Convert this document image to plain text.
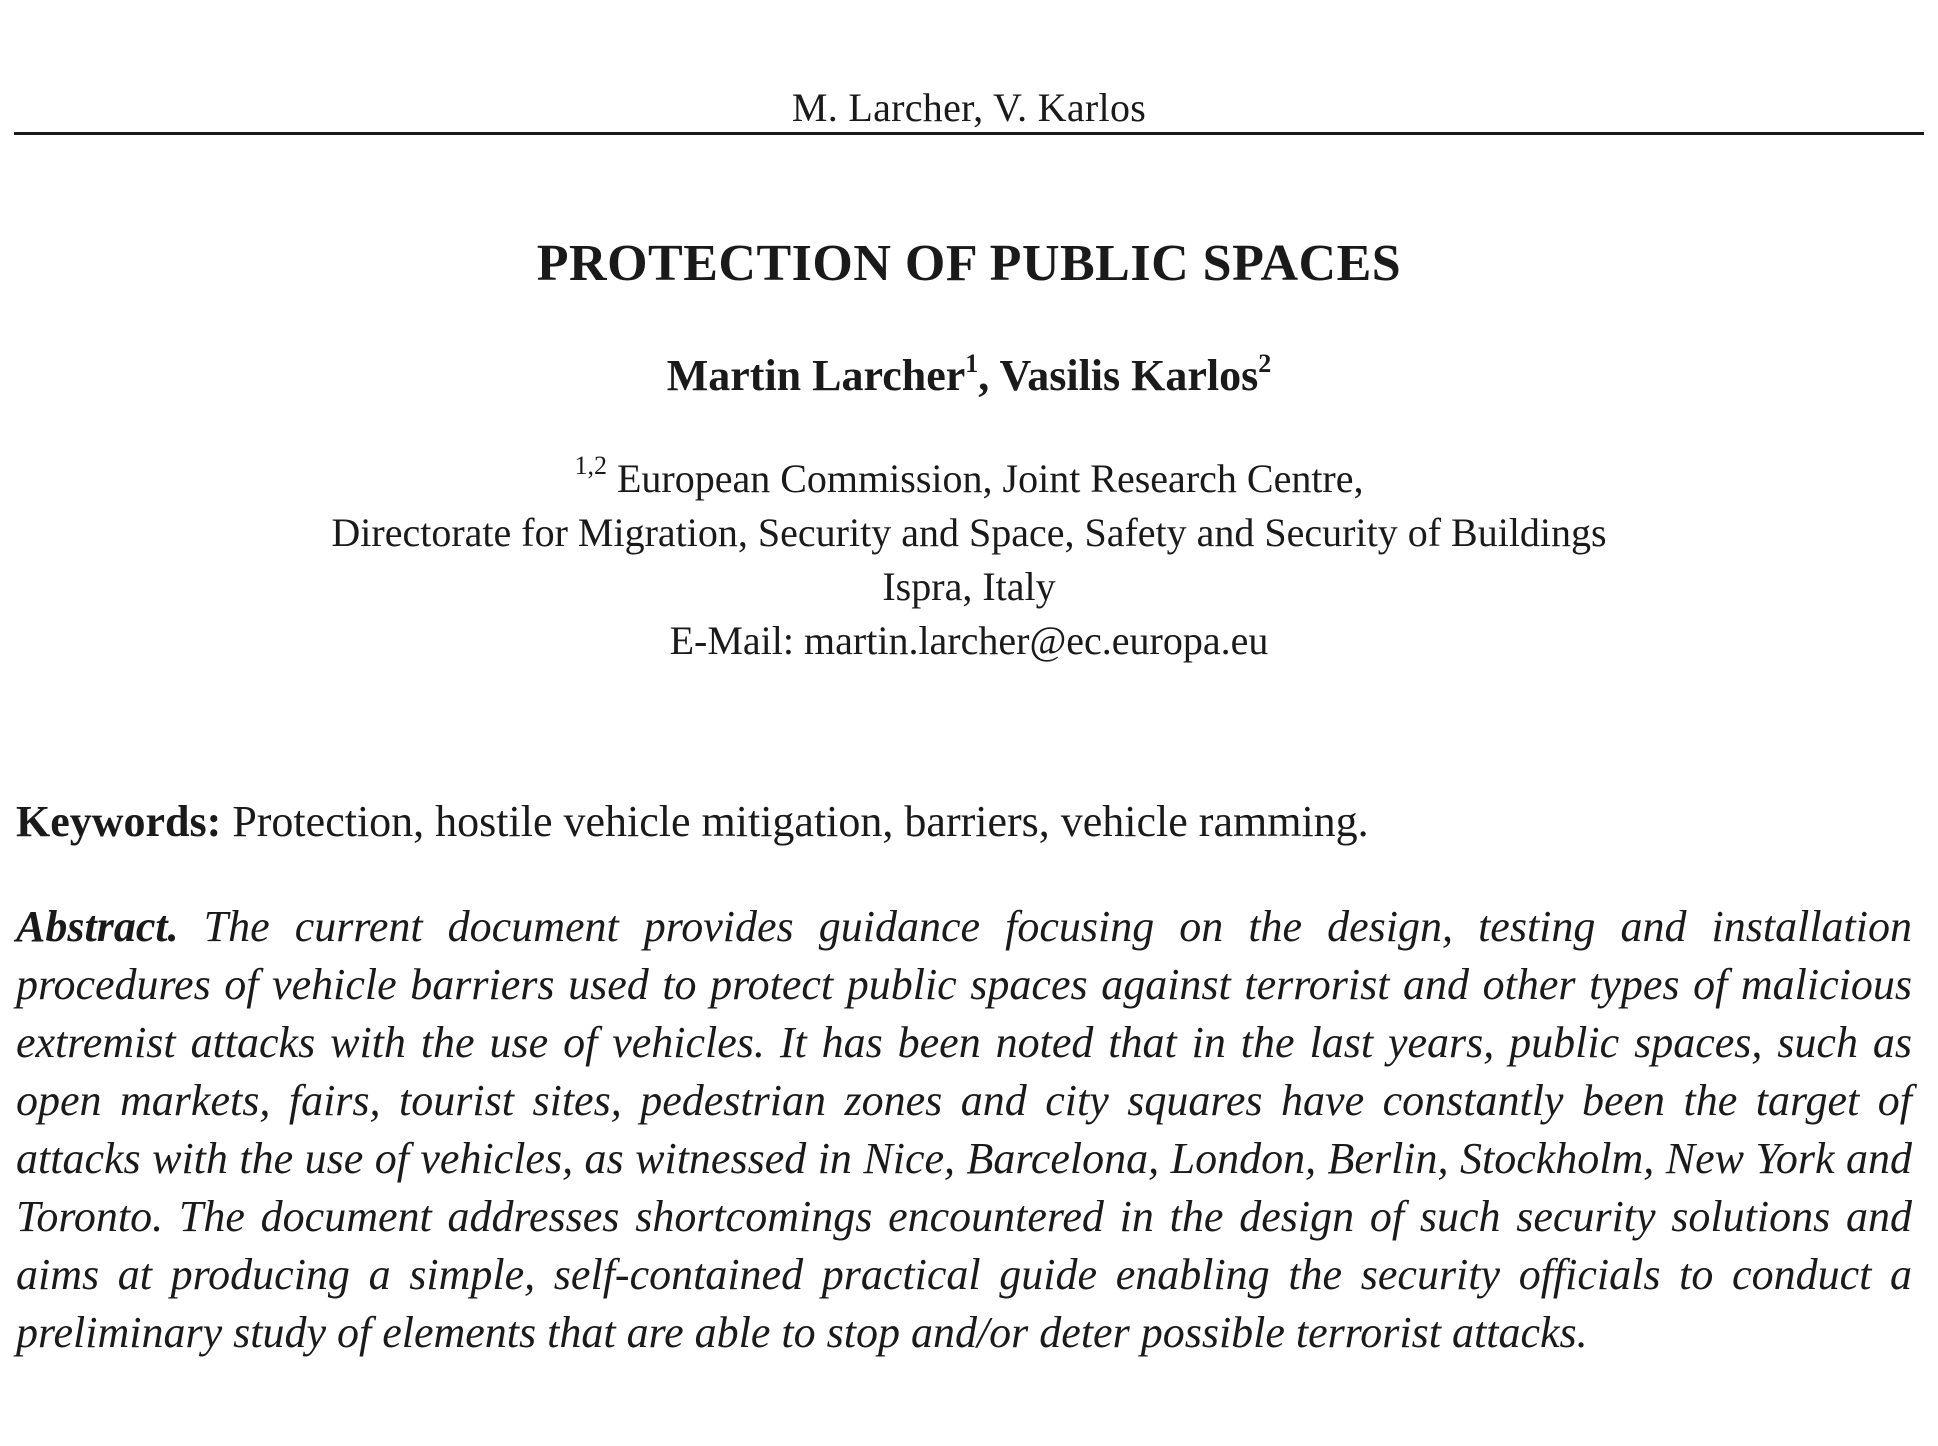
M. Larcher, V. Karlos
PROTECTION OF PUBLIC SPACES
Martin Larcher$^1$, Vasilis Karlos$^2$
$^{1,2}$ European Commission, Joint Research Centre,
Directorate for Migration, Security and Space, Safety and Security of Buildings
Ispra, Italy
E-Mail: martin.larcher@ec.europa.eu
Keywords: Protection, hostile vehicle mitigation, barriers, vehicle ramming.
Abstract. The current document provides guidance focusing on the design, testing and installation procedures of vehicle barriers used to protect public spaces against terrorist and other types of malicious extremist attacks with the use of vehicles. It has been noted that in the last years, public spaces, such as open markets, fairs, tourist sites, pedestrian zones and city squares have constantly been the target of attacks with the use of vehicles, as witnessed in Nice, Barcelona, London, Berlin, Stockholm, New York and Toronto. The document addresses shortcomings encountered in the design of such security solutions and aims at producing a simple, self-contained practical guide enabling the security officials to conduct a preliminary study of elements that are able to stop and/or deter possible terrorist attacks.
